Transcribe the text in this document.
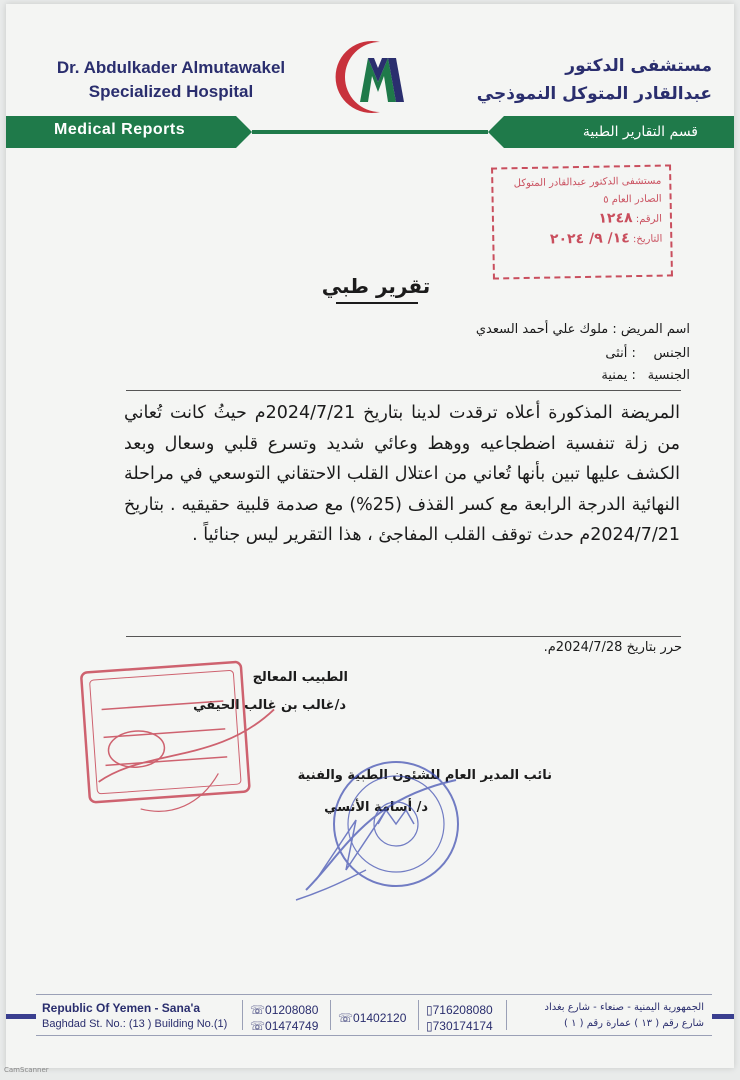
Dr. Abdulkader Almutawakel
Specialized Hospital
مستشفى الدكتور
عبدالقادر المتوكل النموذجي
Medical Reports	قسم التقارير الطبية
مستشفى الدكتور عبدالقادر المتوكل
الصادر العام ٥
الرقم: ١٢٤٨
التاريخ: ١٤/ ٩/ ٢٠٢٤
تقرير طبي
اسم المريض : ملوك علي أحمد السعدي
الجنس : أنثى
الجنسية : يمنية
المريضة المذكورة أعلاه ترقدت لدينا بتاريخ 2024/7/21م حيثُ كانت تُعاني من زلة تنفسية اضطجاعيه ووهط وعائي شديد وتسرع قلبي وسعال وبعد الكشف عليها تبين بأنها تُعاني من اعتلال القلب الاحتقاني التوسعي في مراحلة النهائية الدرجة الرابعة مع كسر القذف (25%) مع صدمة قلبية حقيقيه . بتاريخ 2024/7/21م حدث توقف القلب المفاجئ ، هذا التقرير ليس جنائياً .
حرر بتاريخ 2024/7/28م.
الطبيب المعالج
د/غالب بن غالب الحيفي
نائب المدير العام للشئون الطبية والفنية
د/ أسامة الأنسي
Republic Of Yemen - Sana'a
Baghdad St. No.: (13 ) Building No.(1)
☏01208080
☏01474749
☏01402120
▯716208080
▯730174174
الجمهورية اليمنية - صنعاء - شارع بغداد
شارع رقم ( ١٣ ) عمارة رقم ( ١ )
CamScanner
